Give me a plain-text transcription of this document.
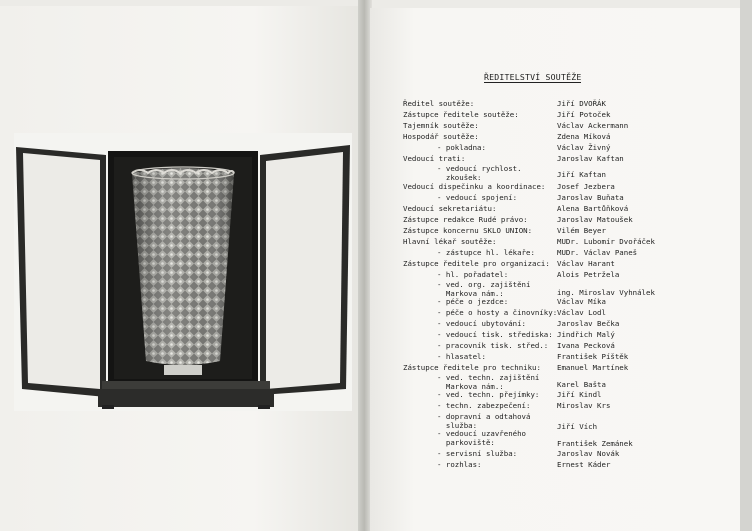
ŘEDITELSTVÍ SOUTĚŽE
Ředitel soutěže:	Jiří DVOŘÁK
Zástupce ředitele soutěže:	Jiří Potoček
Tajemník soutěže:	Václav Ackermann
Hospodář soutěže:	Zdena Míková
- pokladna:	Václav Živný
Vedoucí trati:	Jaroslav Kaftan
- vedoucí rychlost.
zkoušek:	Jiří Kaftan
Vedoucí dispečinku a koordinace: Josef Jezbera
- vedoucí spojení:	Jaroslav Buňata
Vedoucí sekretariátu:	Alena Bartůňková
Zástupce redakce Rudé právo:	Jaroslav Matoušek
Zástupce koncernu SKLO UNION:	Vilém Beyer
Hlavní lékař soutěže:	MUDr. Lubomír Dvořáček
- zástupce hl. lékaře:	MUDr. Václav Paneš
Zástupce ředitele pro organizaci: Václav Harant
- hl. pořadatel:	Alois Petržela
- ved. org. zajištění
Markova nám.:	ing. Miroslav Vyhnálek
- péče o jezdce:	Václav Míka
- péče o hosty a činovníky: Václav Lodl
- vedoucí ubytování:	Jaroslav Bečka
- vedoucí tisk. střediska: Jindřich Malý
- pracovník tisk. střed.: Ivana Pecková
- hlasatel:	František Píštěk
Zástupce ředitele pro techniku: Emanuel Martínek
- ved. techn. zajištění
Markova nám.:	Karel Bašta
- ved. techn. přejímky: Jiří Kindl
- techn. zabezpečení:	Miroslav Krs
- dopravní a odtahová
služba:	Jiří Vích
- vedoucí uzavřeného
parkoviště:	František Zemánek
- servisní služba:	Jaroslav Novák
- rozhlas:	Ernest Káder
